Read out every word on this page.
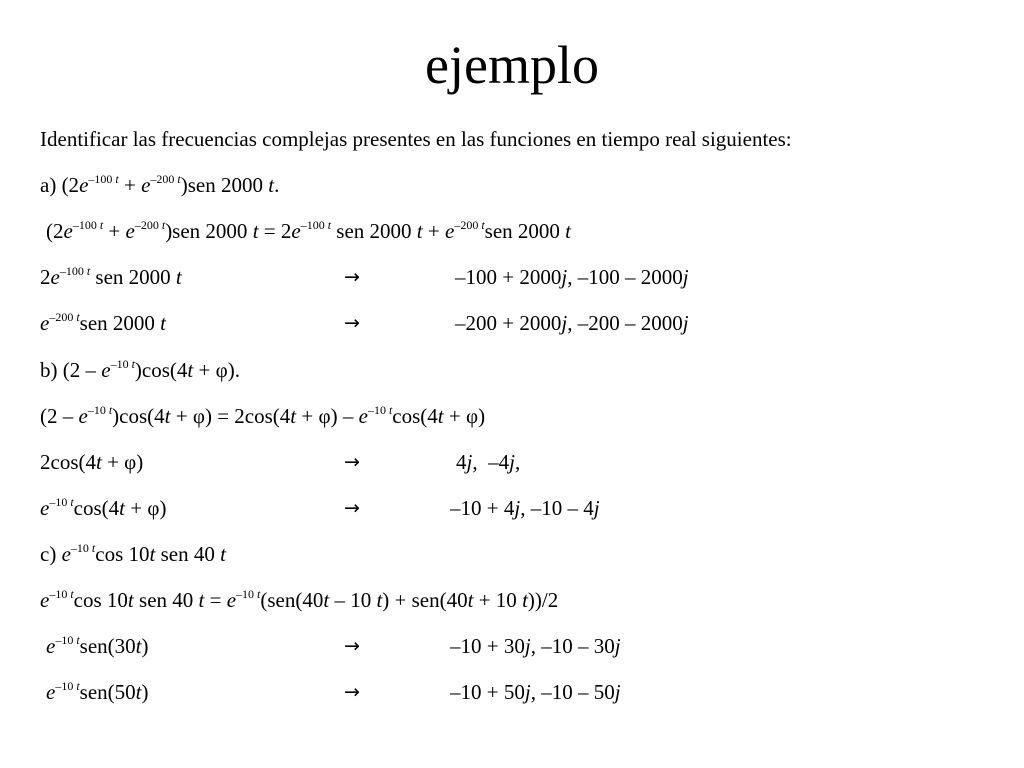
ejemplo
Identificar las frecuencias complejas presentes en las funciones en tiempo real siguientes:
a) $(2e^{-100 t} + e^{-200 t})sen$ 2000 t.
$(2e^{-100 t} + e^{-200 t})sen$ 2000 $t = 2e^{-100 t}$ sen 2000 $t + e^{-200 t}sen$ 2000 t
$2e^{-100 t}$ sen 2000 t	→	–100 + 2000j, –100 – 2000j
$e^{-200 t}sen$ 2000 t	→	–200 + 2000j, –200 – 2000j
b) $(2 - e^{-10 t})\cos(4t + \varphi)$.
$(2 - e^{-10 t})\cos(4t + \varphi) = 2\cos(4t + \varphi) - e^{-10 t}\cos(4t + \varphi)$
2cos(4t + φ)	→	4j,  –4j,
$e^{-10 t}\cos(4t + \varphi)$	→	–10 + 4j, –10 – 4j
c) $e^{-10 t}\cos$ 10t sen 40 t
$e^{-10 t}\cos$ 10t sen 40 $t = e^{-10 t}(sen(40t - 10$ t) + sen(40t + 10 t))/2
$e^{-10 t}sen(30t)$	→	–10 + 30j, –10 – 30j
$e^{-10 t}sen(50t)$	→	–10 + 50j, –10 – 50j
